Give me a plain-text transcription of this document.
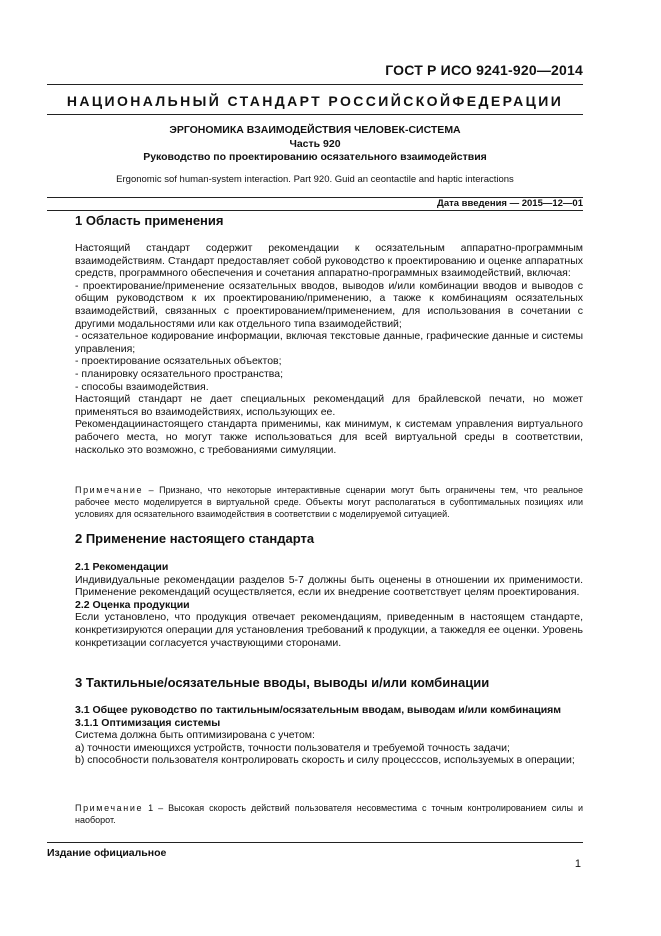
ГОСТ Р ИСО 9241-920—2014
НАЦИОНАЛЬНЫЙ СТАНДАРТ РОССИЙСКОЙФЕДЕРАЦИИ
ЭРГОНОМИКА ВЗАИМОДЕЙСТВИЯ ЧЕЛОВЕК-СИСТЕМА
Часть 920
Руководство по проектированию осязательного взаимодействия
Ergonomic sof human-system interaction. Part 920. Guid an ceontactile and haptic interactions
Дата введения — 2015—12—01
1 Область применения

Настоящий стандарт содержит рекомендации к осязательным аппаратно-программным взаимодействиям. Стандарт предоставляет собой руководство к проектированию и оценке аппаратных средств, программного обеспечения и сочетания аппаратно-программных взаимодействий, включая:

- проектирование/применение осязательных вводов, выводов и/или комбинации вводов и выводов с общим руководством к их проектированию/применению, а также к комбинациям осязательных взаимодействий, связанных с проектированием/применением, для использования в сочетании с другими модальностями или как отдельного типа взаимодействий;

- осязательное кодирование информации, включая текстовые данные, графические данные и системы управления;

- проектирование осязательных объектов;

- планировку осязательного пространства;

- способы взаимодействия.

Настоящий стандарт не дает специальных рекомендаций для брайлевской печати, но может применяться во взаимодействиях, использующих ее.

Рекомендациинастоящего стандарта применимы, как минимум, к системам управления виртуального рабочего места, но могут также использоваться для всей виртуальной среды в соответствии, насколько это возможно, с требованиями симуляции.

Примечание – Признано, что некоторые интерактивные сценарии могут быть ограничены тем, что реальное рабочее место моделируется в виртуальной среде. Объекты могут располагаться в субоптимальных позициях или условиях для осязательного взаимодействия в соответствии с моделируемой ситуацией.

2 Применение настоящего стандарта

2.1 Рекомендации

Индивидуальные рекомендации разделов 5-7 должны быть оценены в отношении их применимости. Применение рекомендаций осуществляется, если их внедрение соответствует целям проектирования.

2.2 Оценка продукции

Если установлено, что продукция отвечает рекомендациям, приведенным в настоящем стандарте, конкретизируются операции для установления требований к продукции, а такжедля ее оценки. Уровень конкретизации согласуется участвующими сторонами.

3 Тактильные/осязательные вводы, выводы и/или комбинации

3.1 Общее руководство по тактильным/осязательным вводам, выводам и/или комбинациям

3.1.1 Оптимизация системы

Система должна быть оптимизирована с учетом:

а) точности имеющихся устройств, точности пользователя и требуемой точность задачи;

b) способности пользователя контролировать скорость и силу процесссов, используемых в операции;

Примечание 1 – Высокая скорость действий пользователя несовместима с точным контролированием силы и наоборот.

Издание официальное
1
